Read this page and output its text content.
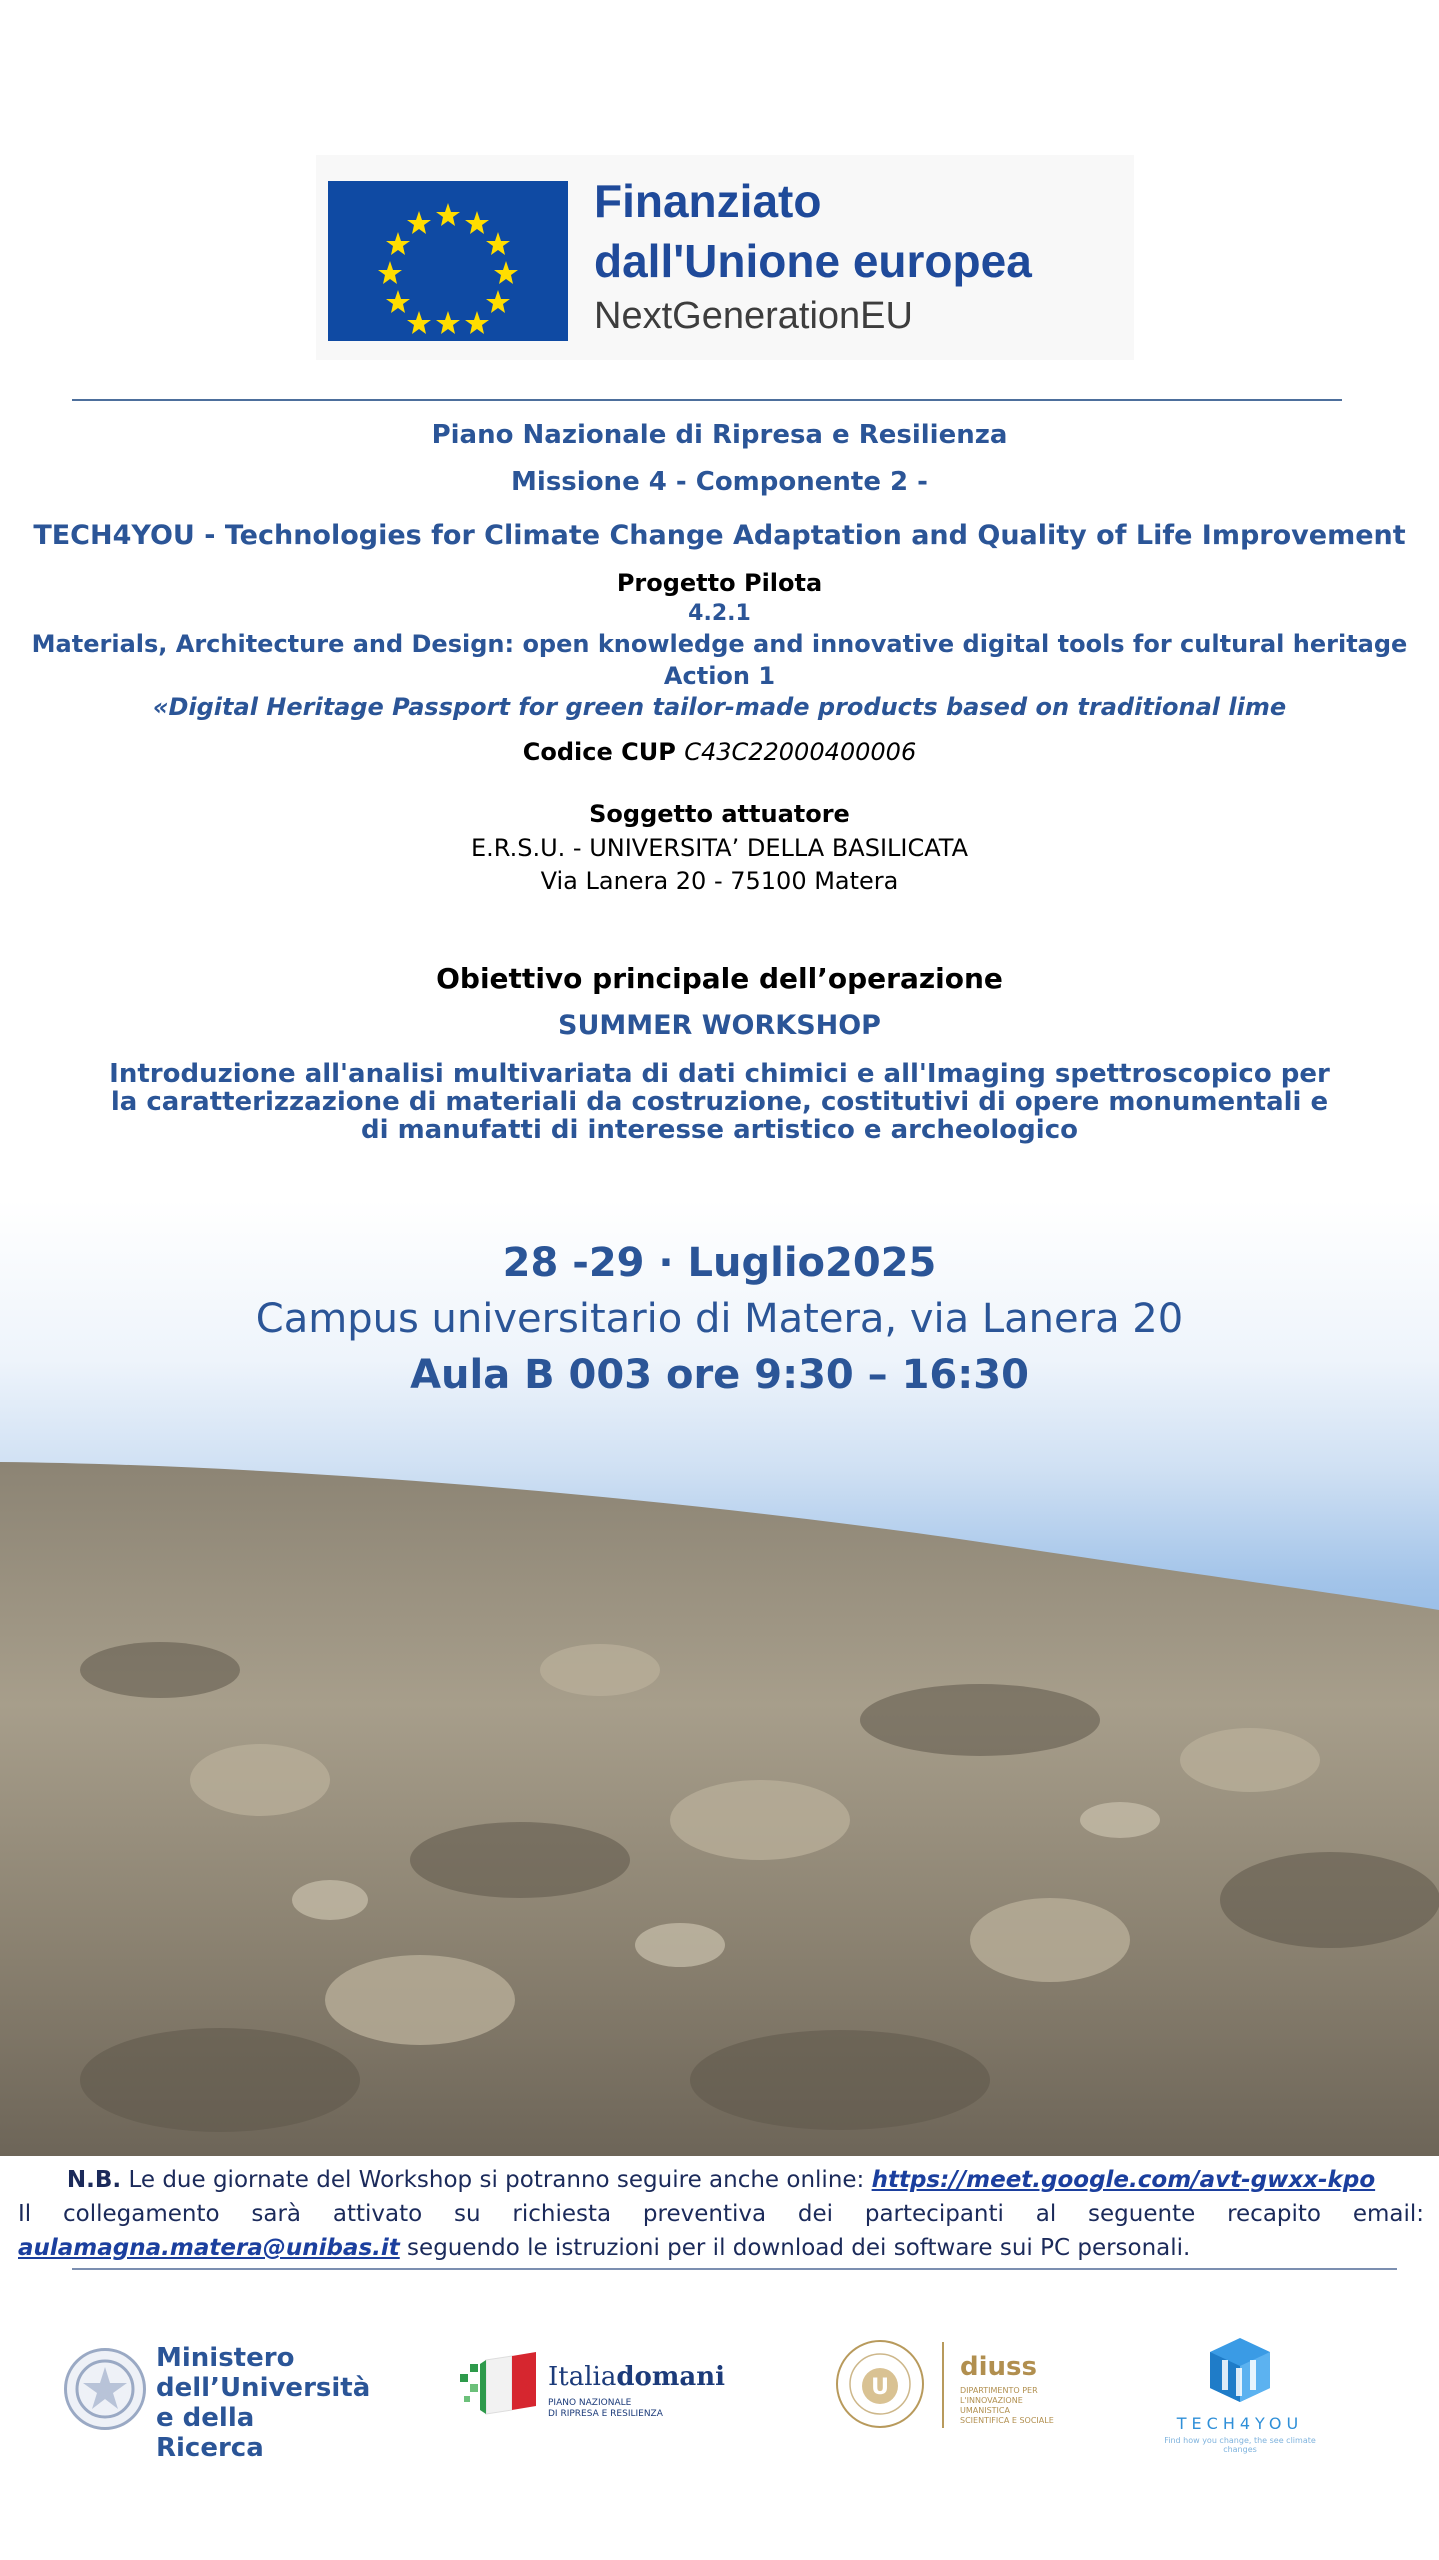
Finanziato
dall'Unione europea
NextGenerationEU
Piano Nazionale di Ripresa e Resilienza
Missione 4 - Componente 2 -
TECH4YOU - Technologies for Climate Change Adaptation and Quality of Life Improvement
Progetto Pilota
4.2.1
Materials, Architecture and Design: open knowledge and innovative digital tools for cultural heritage
Action 1
«Digital Heritage Passport for green tailor-made products based on traditional lime
Codice CUP C43C22000400006
Soggetto attuatore
E.R.S.U. - UNIVERSITA’ DELLA BASILICATA
Via Lanera 20 - 75100 Matera
Obiettivo principale dell’operazione
SUMMER WORKSHOP
Introduzione all'analisi multivariata di dati chimici e all'Imaging spettroscopico per la caratterizzazione di materiali da costruzione, costitutivi di opere monumentali e di manufatti di interesse artistico e archeologico
28 -29 · Luglio2025
Campus universitario di Matera, via Lanera 20
Aula B 003 ore 9:30 – 16:30
N.B. Le due giornate del Workshop si potranno seguire anche online: https://meet.google.com/avt-gwxx-kpo
Il collegamento sarà attivato su richiesta preventiva dei partecipanti al seguente recapito email:
aulamagna.matera@unibas.it seguendo le istruzioni per il download dei software sui PC personali.
Ministero
dell’Università
e della Ricerca
Italiadomani
PIANO NAZIONALE
DI RIPRESA E RESILIENZA
U
diuss
DIPARTIMENTO PER
L'INNOVAZIONE
UMANISTICA
SCIENTIFICA E SOCIALE	TECH4YOU
Find how you change, the see climate changes
